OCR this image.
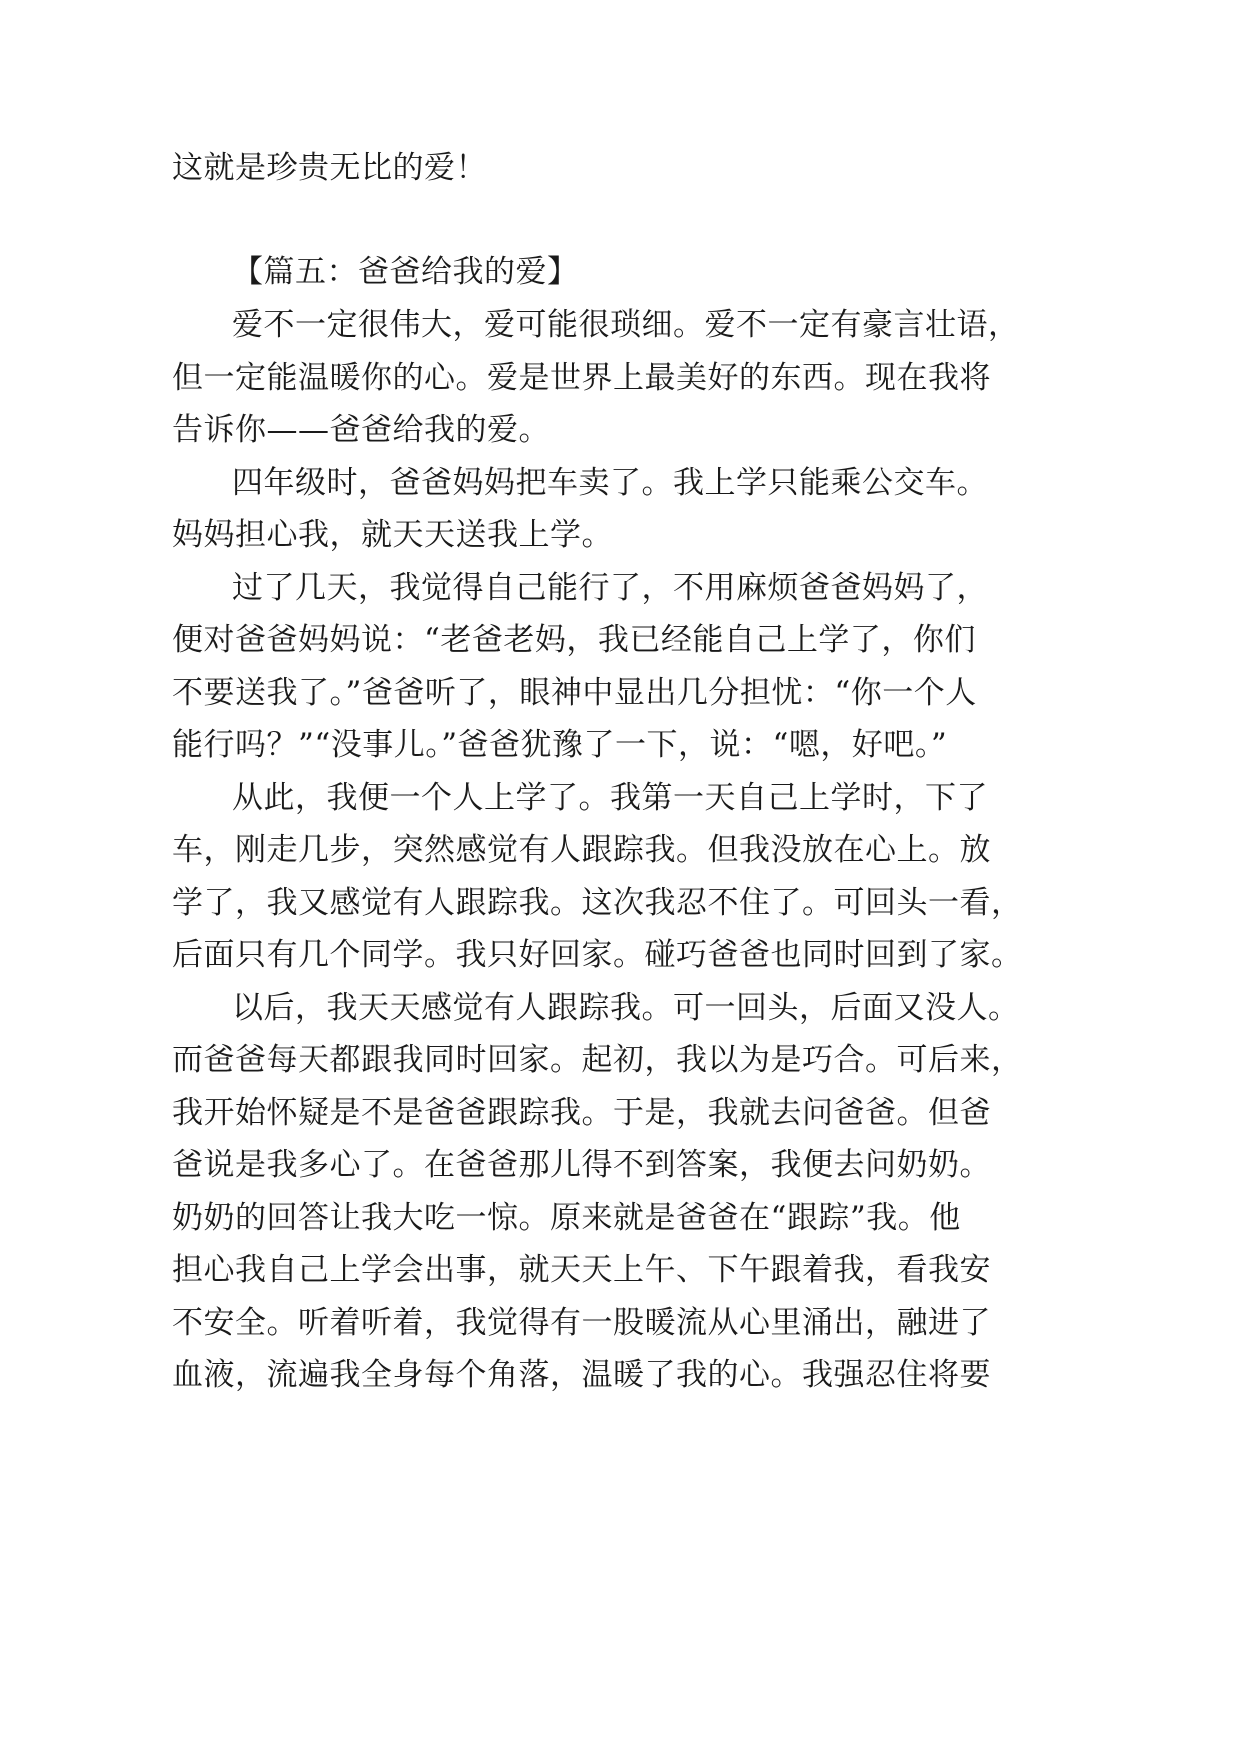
这就是珍贵无比的爱！
【篇五：爸爸给我的爱】
爱不一定很伟大，爱可能很琐细。爱不一定有豪言壮语，
但一定能温暖你的心。爱是世界上最美好的东西。现在我将
告诉你——爸爸给我的爱。
四年级时，爸爸妈妈把车卖了。我上学只能乘公交车。
妈妈担心我，就天天送我上学。
过了几天，我觉得自己能行了，不用麻烦爸爸妈妈了，
便对爸爸妈妈说：“老爸老妈，我已经能自己上学了，你们
不要送我了。”爸爸听了，眼神中显出几分担忧：“你一个人
能行吗？”“没事儿。”爸爸犹豫了一下，说：“嗯，好吧。”
从此，我便一个人上学了。我第一天自己上学时，下了
车，刚走几步，突然感觉有人跟踪我。但我没放在心上。放
学了，我又感觉有人跟踪我。这次我忍不住了。可回头一看，
后面只有几个同学。我只好回家。碰巧爸爸也同时回到了家。
以后，我天天感觉有人跟踪我。可一回头，后面又没人。
而爸爸每天都跟我同时回家。起初，我以为是巧合。可后来，
我开始怀疑是不是爸爸跟踪我。于是，我就去问爸爸。但爸
爸说是我多心了。在爸爸那儿得不到答案，我便去问奶奶。
奶奶的回答让我大吃一惊。原来就是爸爸在“跟踪”我。他
担心我自己上学会出事，就天天上午、下午跟着我，看我安
不安全。听着听着，我觉得有一股暖流从心里涌出，融进了
血液，流遍我全身每个角落，温暖了我的心。我强忍住将要
